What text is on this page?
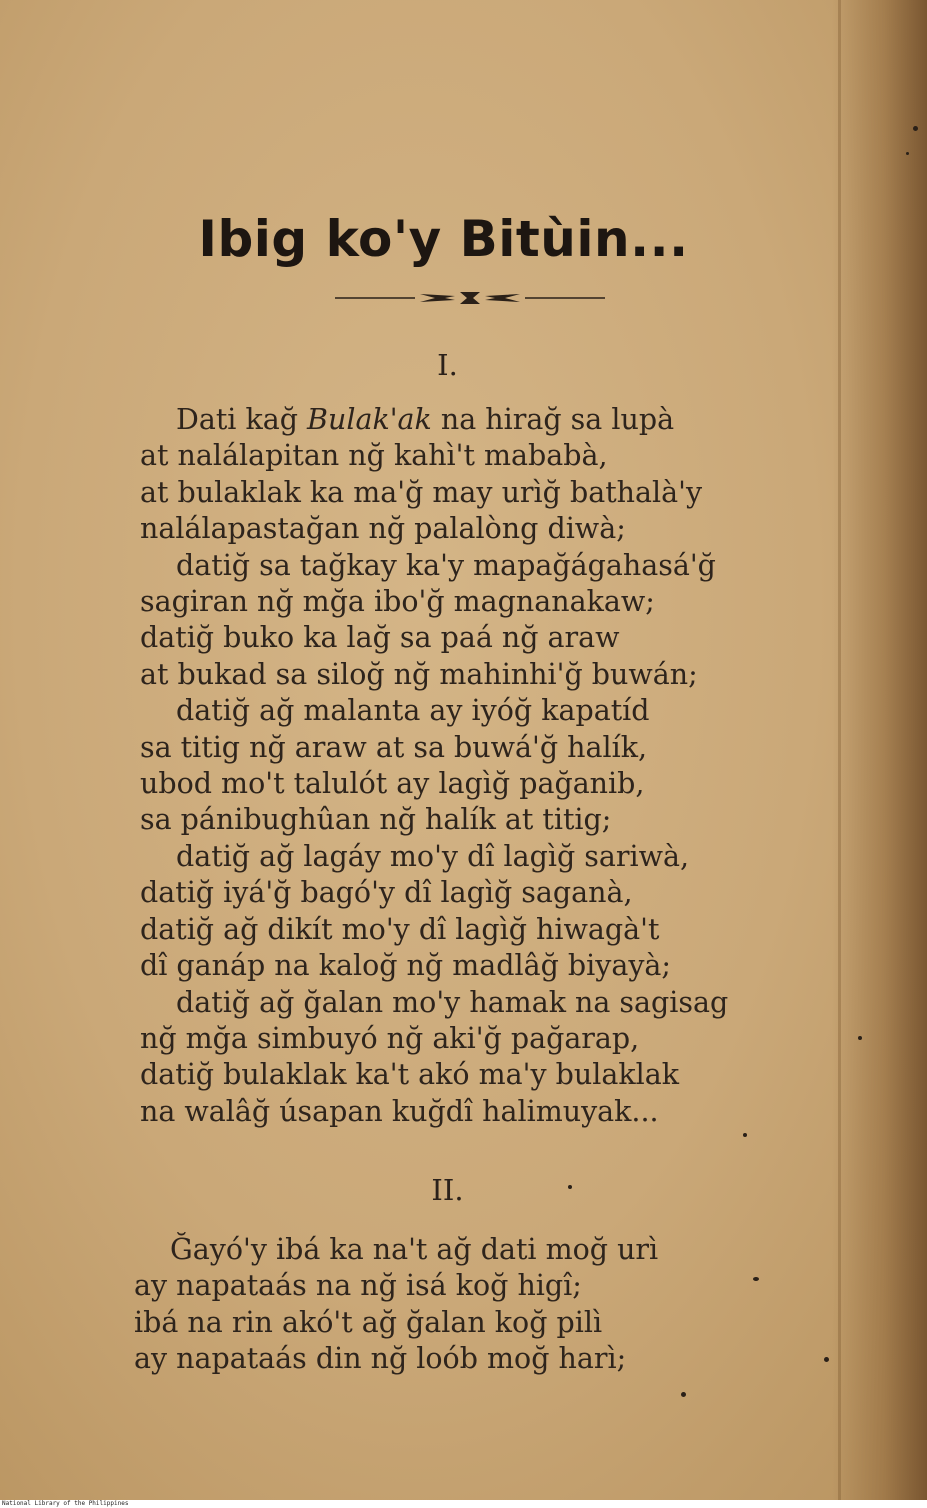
Ibig ko'y Bitùin...
I.
Dati kağ Bulak'ak na hirağ sa lupà
at nalálapitan nğ kahì't mababà,
at bulaklak ka ma'ğ may urìğ bathalà'y
nalálapastağan nğ palalòng diwà;
datiğ sa tağkay ka'y mapağágahasá'ğ
sagiran nğ mğa ibo'ğ magnanakaw;
datiğ buko ka lağ sa paá nğ araw
at bukad sa siloğ nğ mahinhi'ğ buwán;
datiğ ağ malanta ay iyóğ kapatíd
sa titig nğ araw at sa buwá'ğ halík,
ubod mo't talulót ay lagìğ pağanib,
sa pánibughûan nğ halík at titig;
datiğ ağ lagáy mo'y dî lagìğ sariwà,
datiğ iyá'ğ bagó'y dî lagìğ saganà,
datiğ ağ dikít mo'y dî lagìğ hiwagà't
dî ganáp na kaloğ nğ madlâğ biyayà;
datiğ ağ ğalan mo'y hamak na sagisag
nğ mğa simbuyó nğ aki'ğ pağarap,
datiğ bulaklak ka't akó ma'y bulaklak
na walâğ úsapan kuğdî halimuyak...
II.
Ğayó'y ibá ka na't ağ dati moğ urì
ay napataás na nğ isá koğ higî;
ibá na rin akó't ağ ğalan koğ pilì
ay napataás din nğ loób moğ harì;
National Library of the Philippines
